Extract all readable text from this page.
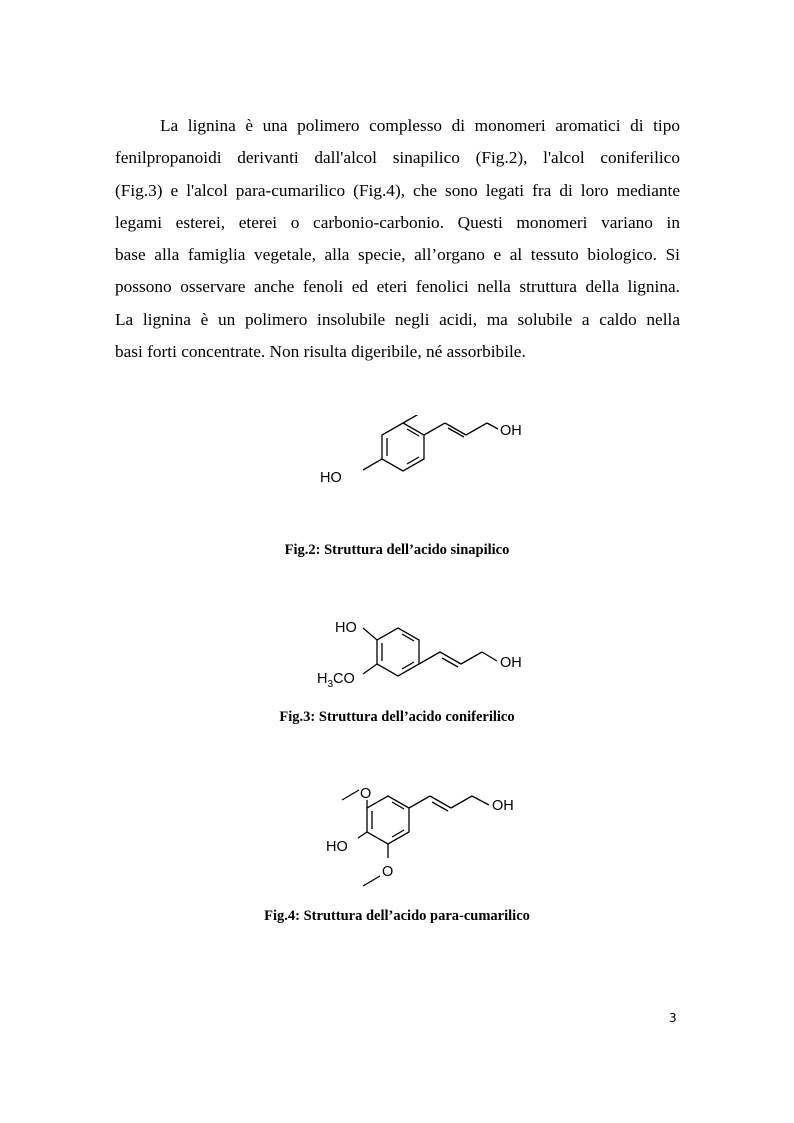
La lignina è una polimero complesso di monomeri aromatici di tipo
fenilpropanoidi derivanti dall'alcol sinapilico (Fig.2), l'alcol coniferilico
(Fig.3) e l'alcol para-cumarilico (Fig.4), che sono legati fra di loro mediante
legami esterei, eterei o carbonio-carbonio. Questi monomeri variano in
base alla famiglia vegetale, alla specie, all’organo e al tessuto biologico. Si
possono osservare anche fenoli ed eteri fenolici nella struttura della lignina.
La lignina è un polimero insolubile negli acidi, ma solubile a caldo nella
basi forti concentrate. Non risulta digeribile, né assorbibile.
OH
HO
Fig.2: Struttura dell’acido sinapilico
HO
OH
$H_3CO$
Fig.3: Struttura dell’acido coniferilico
O
OH
HO
O
Fig.4: Struttura dell’acido para-cumarilico
3
